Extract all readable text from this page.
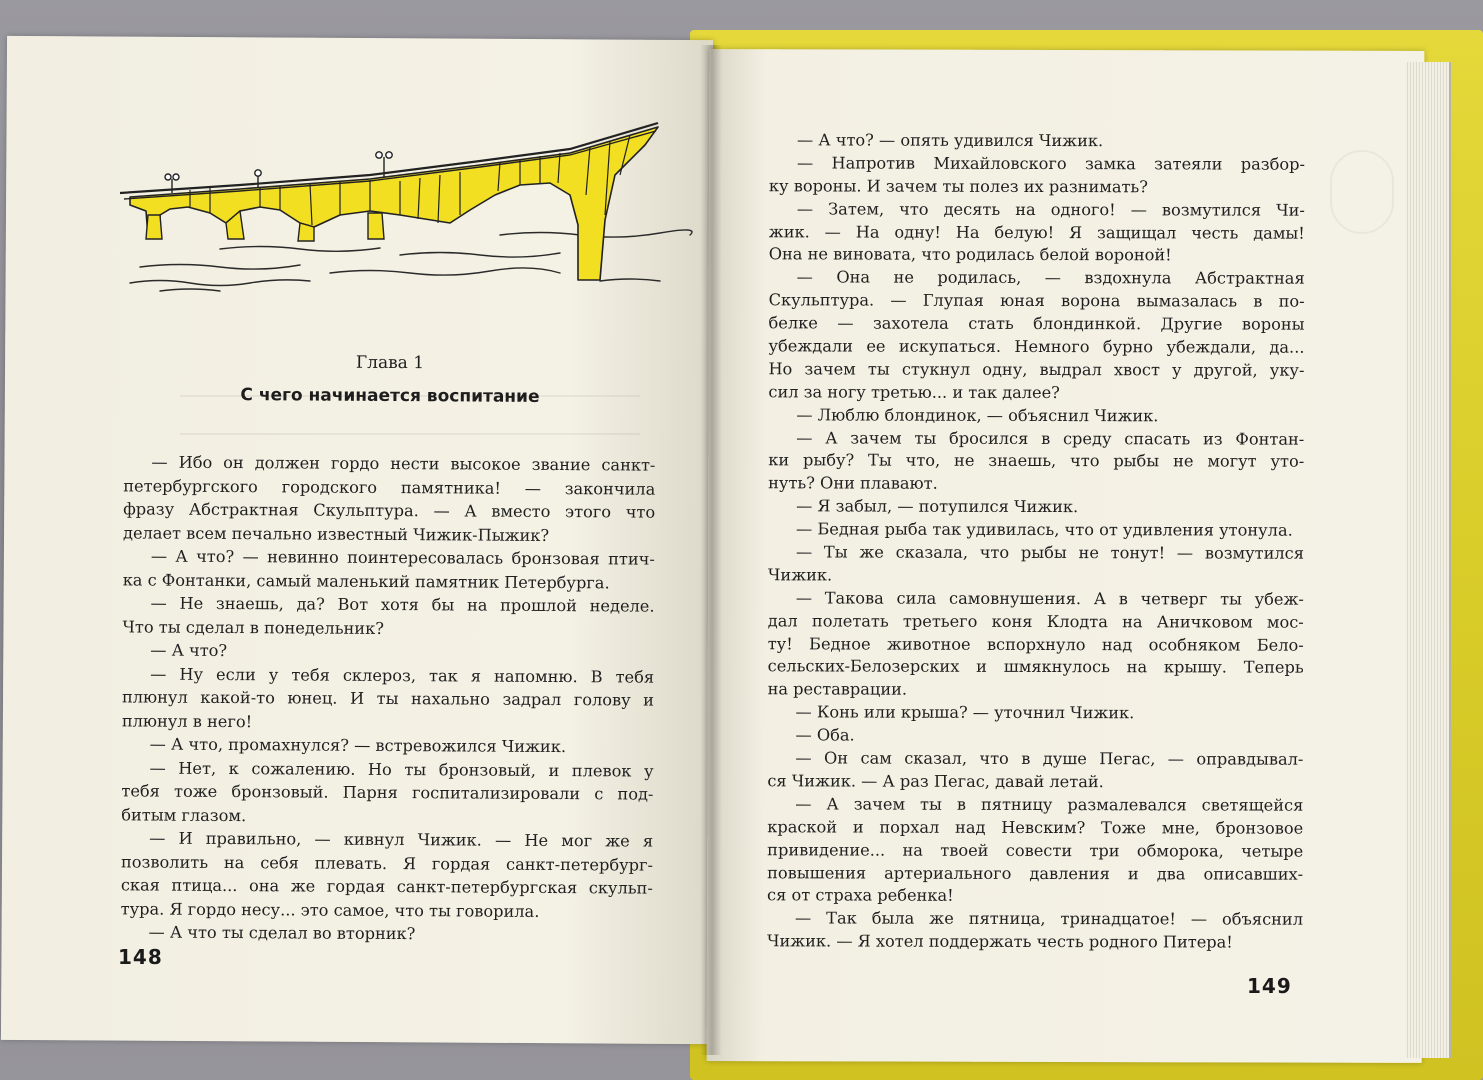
Глава 1
С чего начинается воспитание
— Ибо он должен гордо нести высокое звание санкт-
петербургского городского памятника! — закончила
фразу Абстрактная Скульптура. — А вместо этого что
делает всем печально известный Чижик-Пыжик?
— А что? — невинно поинтересовалась бронзовая птич-
ка с Фонтанки, самый маленький памятник Петербурга.
— Не знаешь, да? Вот хотя бы на прошлой неделе.
Что ты сделал в понедельник?
— А что?
— Ну если у тебя склероз, так я напомню. В тебя
плюнул какой-то юнец. И ты нахально задрал голову и
плюнул в него!
— А что, промахнулся? — встревожился Чижик.
— Нет, к сожалению. Но ты бронзовый, и плевок у
тебя тоже бронзовый. Парня госпитализировали с под-
битым глазом.
— И правильно, — кивнул Чижик. — Не мог же я
позволить на себя плевать. Я гордая санкт-петербург-
ская птица... она же гордая санкт-петербургская скульп-
тура. Я гордо несу... это самое, что ты говорила.
— А что ты сделал во вторник?
— А что? — опять удивился Чижик.
— Напротив Михайловского замка затеяли разбор-
ку вороны. И зачем ты полез их разнимать?
— Затем, что десять на одного! — возмутился Чи-
жик. — На одну! На белую! Я защищал честь дамы!
Она не виновата, что родилась белой вороной!
— Она не родилась, — вздохнула Абстрактная
Скульптура. — Глупая юная ворона вымазалась в по-
белке — захотела стать блондинкой. Другие вороны
убеждали ее искупаться. Немного бурно убеждали, да...
Но зачем ты стукнул одну, выдрал хвост у другой, уку-
сил за ногу третью... и так далее?
— Люблю блондинок, — объяснил Чижик.
— А зачем ты бросился в среду спасать из Фонтан-
ки рыбу? Ты что, не знаешь, что рыбы не могут уто-
нуть? Они плавают.
— Я забыл, — потупился Чижик.
— Бедная рыба так удивилась, что от удивления утонула.
— Ты же сказала, что рыбы не тонут! — возмутился
Чижик.
— Такова сила самовнушения. А в четверг ты убеж-
дал полетать третьего коня Клодта на Аничковом мос-
ту! Бедное животное вспорхнуло над особняком Бело-
сельских-Белозерских и шмякнулось на крышу. Теперь
на реставрации.
— Конь или крыша? — уточнил Чижик.
— Оба.
— Он сам сказал, что в душе Пегас, — оправдывал-
ся Чижик. — А раз Пегас, давай летай.
— А зачем ты в пятницу размалевался светящейся
краской и порхал над Невским? Тоже мне, бронзовое
привидение... на твоей совести три обморока, четыре
повышения артериального давления и два описавших-
ся от страха ребенка!
— Так была же пятница, тринадцатое! — объяснил
Чижик. — Я хотел поддержать честь родного Питера!
148
149
